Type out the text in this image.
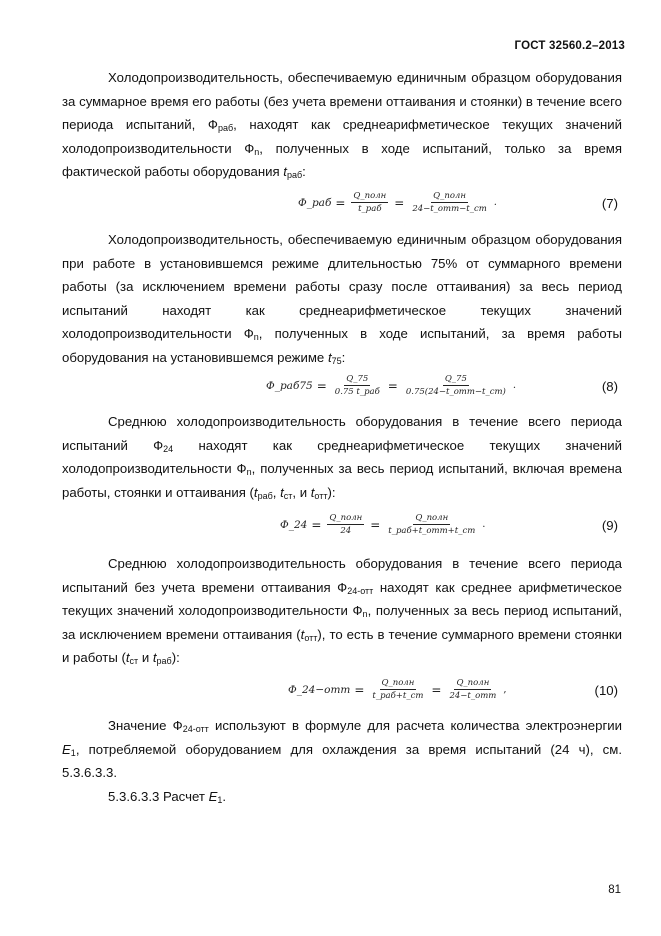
ГОСТ 32560.2–2013

Холодопроизводительность, обеспечиваемую единичным образцом оборудования за суммарное время его работы (без учета времени оттаивания и стоянки) в течение всего периода испытаний, $Ф_{раб}$, находят как среднеарифметическое текущих значений холодопроизводительности $Ф_n$, полученных в ходе испытаний, только за время фактической работы оборудования $t_{раб}$:

Ф_раб = $\frac{\text{Q\_полн}}{\text{t\_раб}} = \frac{\text{Q\_полн}}{\text{24−t\_отт−t\_ст}}$ .	(7)

Холодопроизводительность, обеспечиваемую единичным образцом оборудования при работе в установившемся режиме длительностью 75% от суммарного времени работы (за исключением времени работы сразу после оттаивания) за весь период испытаний находят как среднеарифметическое текущих значений холодопроизводительности $Ф_n$, полученных в ходе испытаний, за время работы оборудования на установившемся режиме $t_{75}$:

Ф_раб75 = $\frac{Q\_75}{\text{0.75 t\_раб}} = \frac{Q\_75}{\text{0.75(24−t\_отт−t\_ст)}}$ .	(8)

Среднюю холодопроизводительность оборудования в течение всего периода испытаний $Ф_{24}$ находят как среднеарифметическое текущих значений холодопроизводительности $Ф_n$, полученных за весь период испытаний, включая времена работы, стоянки и оттаивания ($t_{раб}$, $t_{ст}$, и $t_{отт}$):

Ф_24 = $\frac{\text{Q\_полн}}{24} = \frac{\text{Q\_полн}}{\text{t\_раб+t\_отт+t\_ст}}$ .	(9)

Среднюю холодопроизводительность оборудования в течение всего периода испытаний без учета времени оттаивания $Ф_{24-отт}$ находят как среднее арифметическое текущих значений холодопроизводительности $Ф_n$, полученных за весь период испытаний, за исключением времени оттаивания $(t_{отт})$, то есть в течение суммарного времени стоянки и работы ($t_{ст}$ и $t_{раб}$):

Ф_24−отт = $\frac{\text{Q\_полн}}{\text{t\_раб+t\_ст}} = \frac{\text{Q\_полн}}{\text{24−t\_отт}}$ ,	(10)

Значение $Ф_{24-отт}$ используют в формуле для расчета количества электроэнергии $E_1$, потребляемой оборудованием для охлаждения за время испытаний (24 ч), см. 5.3.6.3.3.

5.3.6.3.3 Расчет $E_1$.

81
